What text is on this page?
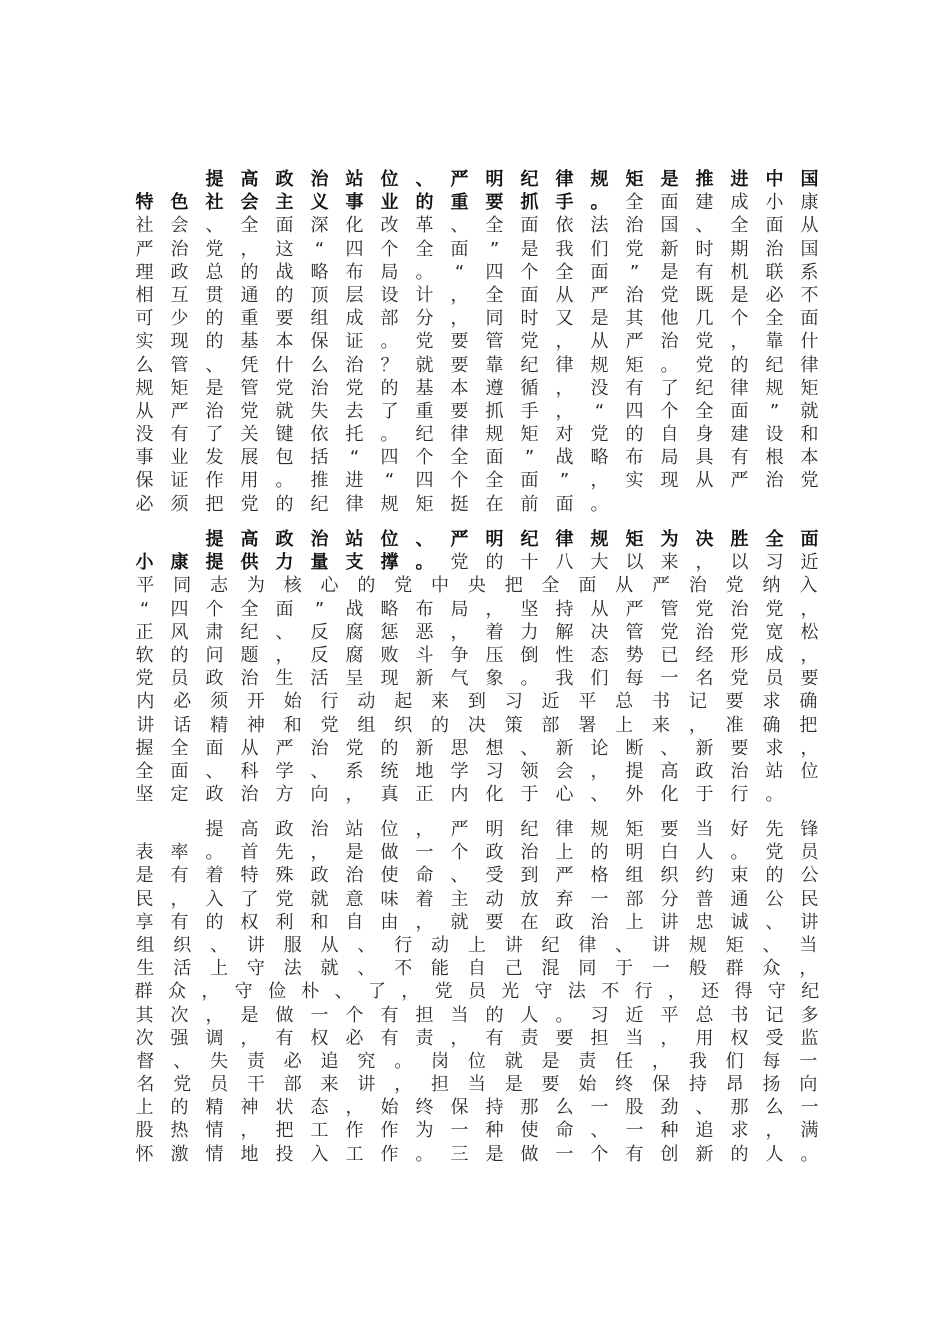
提 高 政 治 站 位 、 严 明 纪 律 规 矩 是 推 进 中 国
特 色 社 会 主 义 事 业 的 重 要 抓 手 。 全 面 建 成 小 康
社 会 、 全 面 深 化 改 革 、 全 面 依 法 治 国 、 全 面 从
严 治 党 ， 这	“	四 个 全 面	”	是 我 们 党 新 时 期 治 国
理 政 总 的 战 略 布 局 。	“	四 个 全 面	”	是 有 机 联 系
相 互 贯 通 的 顶 层 设 计 ， 全 面 从 严 治 党 既 是 必 不
可 少 的 重 要 组 成 部 分 ， 同 时 又 是 其 他 几 个 全 面
实 现 的 基 本 保 证 。 党 要 管 党 ， 从 严 治 党 ， 靠 什
么 管 、 凭 什 么 治 ？ 就 要 靠 纪 律 规 矩 。 党 的 纪 律
规 矩 是 管 党 治 党 的 基 本 遵 循 ， 没 有 了 纪 律 规 矩
从 严 治 党 就 失 去 了 重 要 抓 手 ，	“	四 个 全 面	”	就
没 有 了 关 键 依 托 。 纪 律 规 矩 对 党 的 自 身 建 设 和
事 业 发 展 包 括	“	四 个 全 面	”	战 略 布 局 具 有 根 本
保 证 作 用 。 推 进	“	四 个 全 面	”	， 实 现 从 严 治 党
必 须 把 党 的 纪 律 规 矩 挺 在 前 面 。

提 高 政 治 站 位 、 严 明 纪 律 规 矩 为 决 胜 全 面
小 康 提 供 力 量 支 撑 。 党 的 十 八 大 以 来 ， 以 习 近
平	同	志	为	核	心	的	党	中	央	把	全	面	从	严	治	党	纳	入
“	四 个 全 面	”	战 略 布 局 ， 坚 持 从 严 管 党 治 党 ，
正 风 肃 纪 、 反 腐 惩 恶 ， 着 力 解 决 管 党 治 党 宽 松
软 的 问 题 ， 反 腐 败 斗 争 压 倒 性 态 势 已 经 形 成 ，
党 员 政 治 生 活 呈 现 新 气 象 。 我 们 每 一 名 党 员 要
内	必	须	开	始	行	动	起	来	到	习	近	平	总	书	记	要	求	确
讲	话	精	神	和	党	组	织	的	决	策	部	署	上	来	，	准	确	把
握 全 面 从 严 治 党 的 新 思 想 、 新 论 断 、 新 要 求 ，
全 面 、 科 学 、 系 统 地 学 习 领 会 ， 提 高 政 治 站 位
坚 定 政 治 方 向 ， 真 正 内 化 于 心 、 外 化 于 行 。

提 高 政 治 站 位 ， 严 明 纪 律 规 矩 要 当 好 先 锋
表 率 。 首 先 ， 是 做 一 个 政 治 上 的 明 白 人 。 党 员
是 有 着 特 殊 政 治 使 命 、 受 到 严 格 组 织 约 束 的 公
民 ， 入 了 党 就 意 味 着 主 动 放 弃 一 部 分 普 通 公 民
享 有 的 权 利 和 自 由 ， 就 要 在 政 治 上 讲 忠 诚 、 讲
组	织	、	讲	服	从	、	行	动	上	讲	纪	律	、	讲	规	矩	、	当
生	活	上	守	法	就	、	不	能	自	己	混	同	于	一	般	群	众	，
群 众 ， 守 俭 朴 、 了 ， 党 员 光 守 法 不 行 ， 还 得 守 纪
其 次 ， 是 做 一 个 有 担 当 的 人 。 习 近 平 总 书 记 多
次 强 调 ， 有 权 必 有 责 ， 有 责 要 担 当 ， 用 权 受 监
督	、	失	责	必	追	究	。	岗	位	就	是	责	任	，	我	们	每	一
名	党	员	干	部	来	讲	，	担	当	是	要	始	终	保	持	昂	扬	向
上 的 精 神 状 态 ， 始 终 保 持 那 么 一 股 劲 、 那 么 一
股 热 情 ， 把 工 作 作 为 一 种 使 命 、 一 种 追 求 ， 满
怀 激 情 地 投 入 工 作 。 三 是 做 一 个 有 创 新 的 人 。
